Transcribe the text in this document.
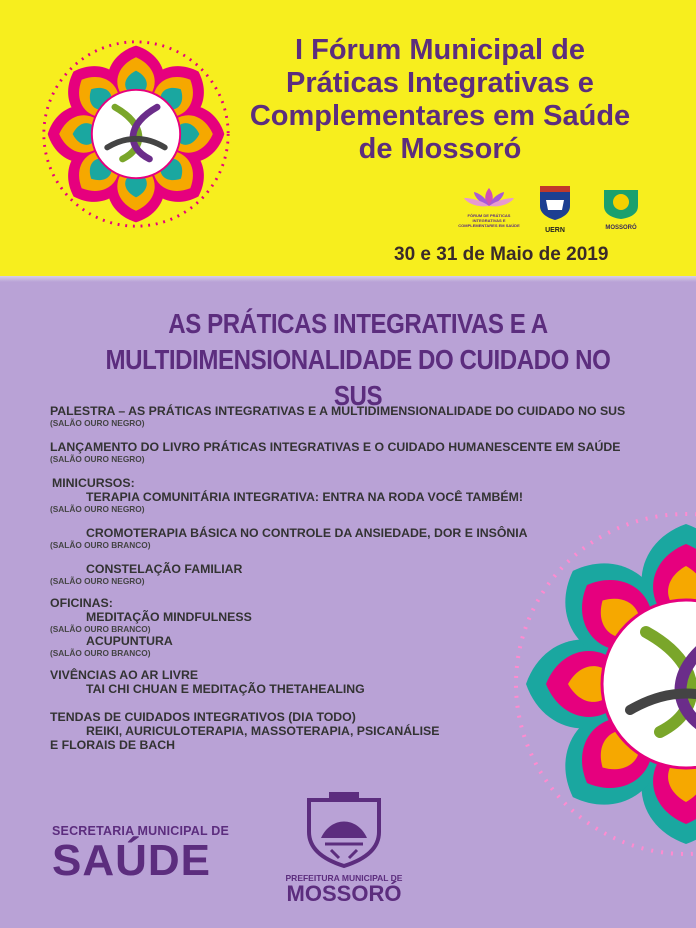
I Fórum Municipal de
Práticas Integrativas e
Complementares em Saúde
de Mossoró
FÓRUM DE PRÁTICAS INTEGRATIVAS E COMPLEMENTARES EM SAÚDE
UERN	MOSSORÓ
30 e 31 de Maio de 2019
AS PRÁTICAS INTEGRATIVAS E A
MULTIDIMENSIONALIDADE DO CUIDADO NO SUS
PALESTRA – AS PRÁTICAS INTEGRATIVAS E A MULTIDIMENSIONALIDADE DO CUIDADO NO SUS
(SALÃO OURO NEGRO)
LANÇAMENTO DO LIVRO PRÁTICAS INTEGRATIVAS E O CUIDADO HUMANESCENTE EM SAÚDE
(SALÃO OURO NEGRO)
MINICURSOS:
TERAPIA COMUNITÁRIA INTEGRATIVA: ENTRA NA RODA VOCÊ TAMBÉM!
(SALÃO OURO NEGRO)
CROMOTERAPIA BÁSICA NO CONTROLE DA ANSIEDADE, DOR E INSÔNIA
(SALÃO OURO BRANCO)
CONSTELAÇÃO FAMILIAR
(SALÃO OURO NEGRO)
OFICINAS:
MEDITAÇÃO MINDFULNESS
(SALÃO OURO BRANCO)
ACUPUNTURA
(SALÃO OURO BRANCO)
VIVÊNCIAS AO AR LIVRE
TAI CHI CHUAN E MEDITAÇÃO THETAHEALING
TENDAS DE CUIDADOS INTEGRATIVOS (DIA TODO)
REIKI, AURICULOTERAPIA, MASSOTERAPIA, PSICANÁLISE
E FLORAIS DE BACH
SECRETARIA MUNICIPAL DE
SAÚDE	PREFEITURA MUNICIPAL DE
MOSSORÓ
